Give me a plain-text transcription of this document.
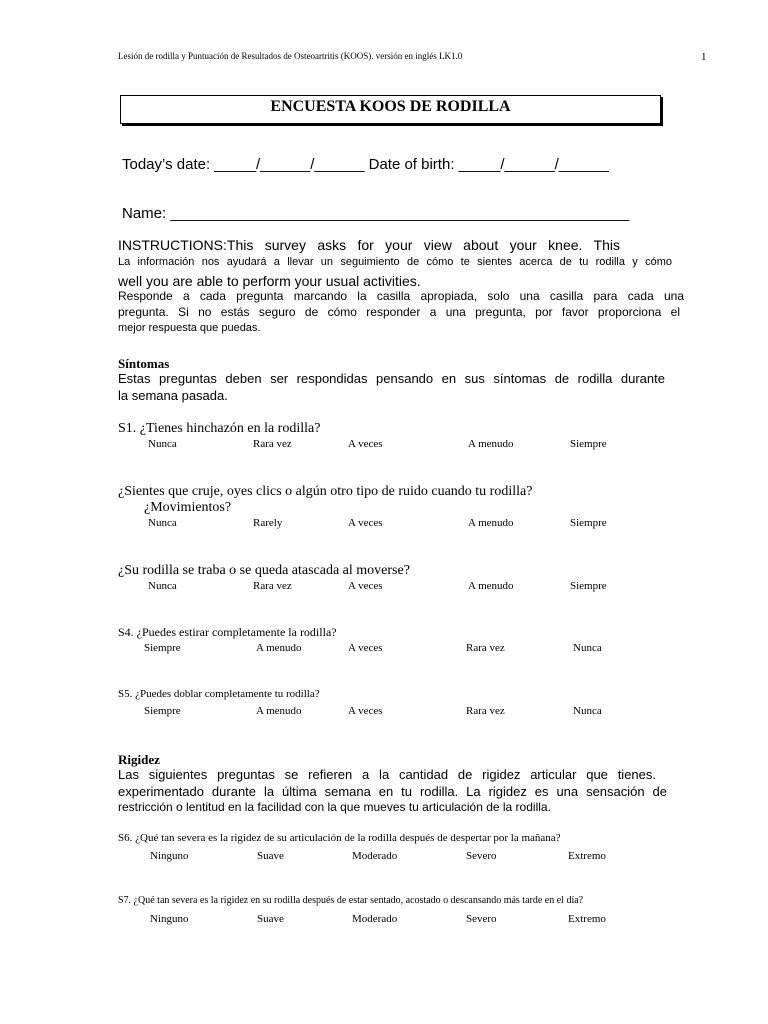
Lesión de rodilla y Puntuación de Resultados de Osteoartritis (KOOS). versión en inglés LK1.0	1
ENCUESTA KOOS DE RODILLA
Today’s date: _____/______/______ Date of birth: _____/______/______
Name: _______________________________________________________
INSTRUCTIONS:This survey asks for your view about your knee. This
La información nos ayudará a llevar un seguimiento de cómo te sientes acerca de tu rodilla y cómo
well you are able to perform your usual activities.
Responde a cada pregunta marcando la casilla apropiada, solo una casilla para cada una
pregunta. Si no estás seguro de cómo responder a una pregunta, por favor proporciona el
mejor respuesta que puedas.
Síntomas
Estas preguntas deben ser respondidas pensando en sus síntomas de rodilla durante
la semana pasada.
S1. ¿Tienes hinchazón en la rodilla?
Nunca	Rara vez	A veces	A menudo	Siempre
¿Sientes que cruje, oyes clics o algún otro tipo de ruido cuando tu rodilla?
¿Movimientos?
Nunca	Rarely	A veces	A menudo	Siempre
¿Su rodilla se traba o se queda atascada al moverse?
Nunca	Rara vez	A veces	A menudo	Siempre
S4. ¿Puedes estirar completamente la rodilla?
Siempre	A menudo	A veces	Rara vez	Nunca
S5. ¿Puedes doblar completamente tu rodilla?
Siempre	A menudo	A veces	Rara vez	Nunca
Rigidez
Las siguientes preguntas se refieren a la cantidad de rigidez articular que tienes.
experimentado durante la última semana en tu rodilla. La rigidez es una sensación de
restricción o lentitud en la facilidad con la que mueves tu articulación de la rodilla.
S6. ¿Qué tan severa es la rigidez de su articulación de la rodilla después de despertar por la mañana?
Ninguno	Suave	Moderado	Severo	Extremo
S7. ¿Qué tan severa es la rigidez en su rodilla después de estar sentado, acostado o descansando más tarde en el día?
Ninguno	Suave	Moderado	Severo	Extremo
